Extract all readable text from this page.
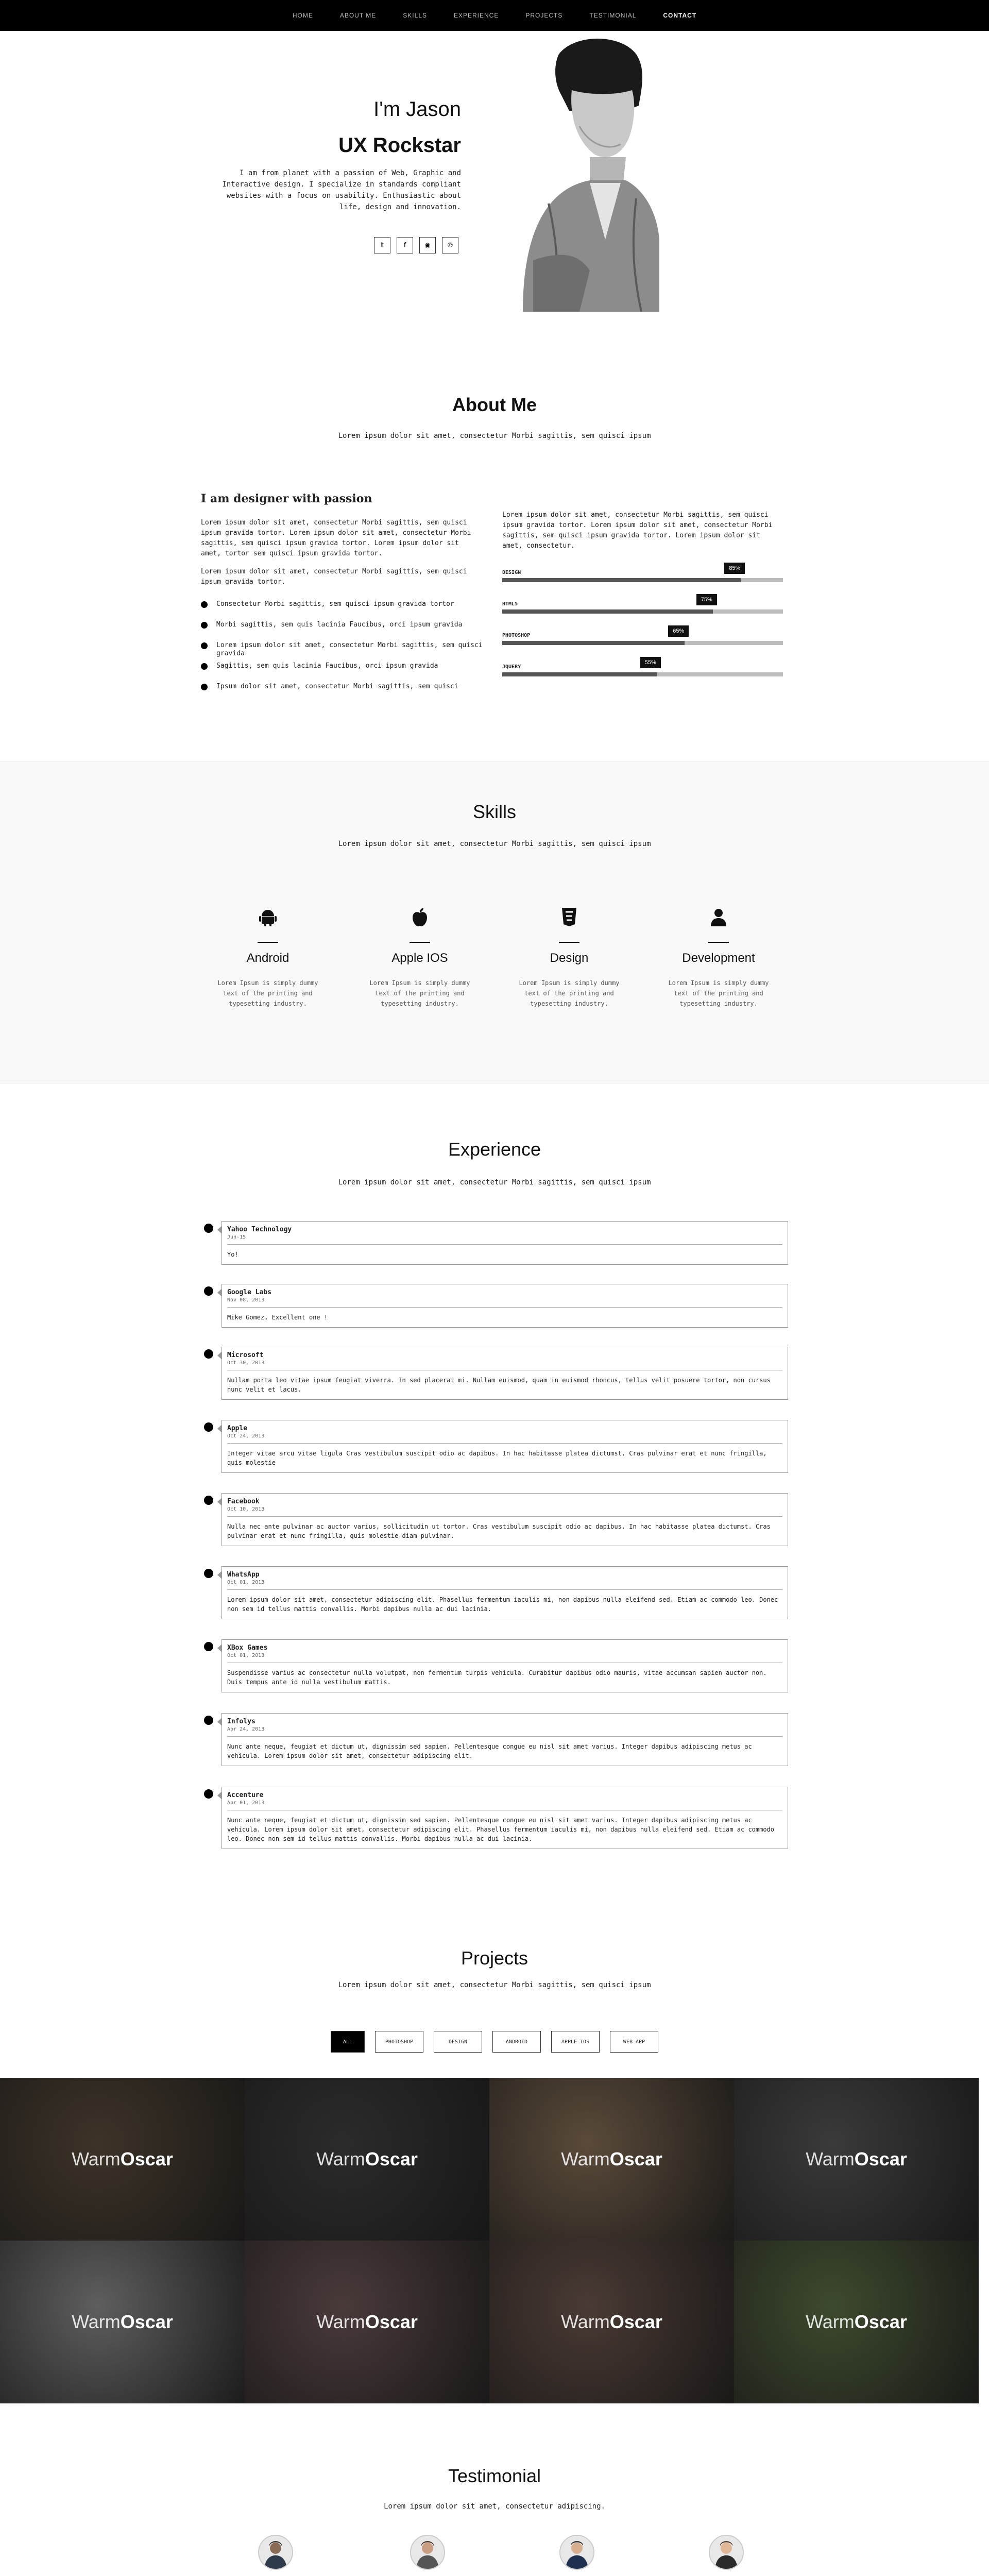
HOME	ABOUT ME	SKILLS	EXPERIENCE	PROJECTS	TESTIMONIAL	CONTACT
I'm Jason
UX Rockstar
I am from planet with a passion of Web, Graphic and Interactive design. I specialize in standards compliant websites with a focus on usability. Enthusiastic about life, design and innovation.
𝕥	f	◉	℗
About Me
Lorem ipsum dolor sit amet, consectetur Morbi sagittis, sem quisci ipsum
I am designer with passion
Lorem ipsum dolor sit amet, consectetur Morbi sagittis, sem quisci ipsum gravida tortor. Lorem ipsum dolor sit amet, consectetur Morbi sagittis, sem quisci ipsum gravida tortor. Lorem ipsum dolor sit amet, tortor sem quisci ipsum gravida tortor.
Lorem ipsum dolor sit amet, consectetur Morbi sagittis, sem quisci ipsum gravida tortor.
Consectetur Morbi sagittis, sem quisci ipsum gravida tortor
Morbi sagittis, sem quis lacinia Faucibus, orci ipsum gravida
Lorem ipsum dolor sit amet, consectetur Morbi sagittis, sem quisci gravida
Sagittis, sem quis lacinia Faucibus, orci ipsum gravida
Ipsum dolor sit amet, consectetur Morbi sagittis, sem quisci
Lorem ipsum dolor sit amet, consectetur Morbi sagittis, sem quisci ipsum gravida tortor. Lorem ipsum dolor sit amet, consectetur Morbi sagittis, sem quisci ipsum gravida tortor. Lorem ipsum dolor sit amet, consectetur.
DESIGN
85%
HTML5
75%
PHOTOSHOP
65%
JQUERY
55%
Skills
Lorem ipsum dolor sit amet, consectetur Morbi sagittis, sem quisci ipsum
Android
Lorem Ipsum is simply dummy text of the printing and typesetting industry.
Apple IOS
Lorem Ipsum is simply dummy text of the printing and typesetting industry.
Design
Lorem Ipsum is simply dummy text of the printing and typesetting industry.
Development
Lorem Ipsum is simply dummy text of the printing and typesetting industry.
Experience
Lorem ipsum dolor sit amet, consectetur Morbi sagittis, sem quisci ipsum
Yahoo Technology
Jun-15
Yo!
Google Labs
Nov 08, 2013
Mike Gomez, Excellent one !
Microsoft
Oct 30, 2013
Nullam porta leo vitae ipsum feugiat viverra. In sed placerat mi. Nullam euismod, quam in euismod rhoncus, tellus velit posuere tortor, non cursus nunc velit et lacus.
Apple
Oct 24, 2013
Integer vitae arcu vitae ligula Cras vestibulum suscipit odio ac dapibus. In hac habitasse platea dictumst. Cras pulvinar erat et nunc fringilla, quis molestie
Facebook
Oct 10, 2013
Nulla nec ante pulvinar ac auctor varius, sollicitudin ut tortor. Cras vestibulum suscipit odio ac dapibus. In hac habitasse platea dictumst. Cras pulvinar erat et nunc fringilla, quis molestie diam pulvinar.
WhatsApp
Oct 01, 2013
Lorem ipsum dolor sit amet, consectetur adipiscing elit. Phasellus fermentum iaculis mi, non dapibus nulla eleifend sed. Etiam ac commodo leo. Donec non sem id tellus mattis convallis. Morbi dapibus nulla ac dui lacinia.
XBox Games
Oct 01, 2013
Suspendisse varius ac consectetur nulla volutpat, non fermentum turpis vehicula. Curabitur dapibus odio mauris, vitae accumsan sapien auctor non. Duis tempus ante id nulla vestibulum mattis.
Infolys
Apr 24, 2013
Nunc ante neque, feugiat et dictum ut, dignissim sed sapien. Pellentesque congue eu nisl sit amet varius. Integer dapibus adipiscing metus ac vehicula. Lorem ipsum dolor sit amet, consectetur adipiscing elit.
Accenture
Apr 01, 2013
Nunc ante neque, feugiat et dictum ut, dignissim sed sapien. Pellentesque congue eu nisl sit amet varius. Integer dapibus adipiscing metus ac vehicula. Lorem ipsum dolor sit amet, consectetur adipiscing elit. Phasellus fermentum iaculis mi, non dapibus nulla eleifend sed. Etiam ac commodo leo. Donec non sem id tellus mattis convallis. Morbi dapibus nulla ac dui lacinia.
Projects
Lorem ipsum dolor sit amet, consectetur Morbi sagittis, sem quisci ipsum
ALL	PHOTOSHOP	DESIGN	ANDROID	APPLE IOS	WEB APP
WarmOscar	WarmOscar	WarmOscar	WarmOscar
WarmOscar	WarmOscar	WarmOscar	WarmOscar
Testimonial
Lorem ipsum dolor sit amet, consectetur adipiscing.
